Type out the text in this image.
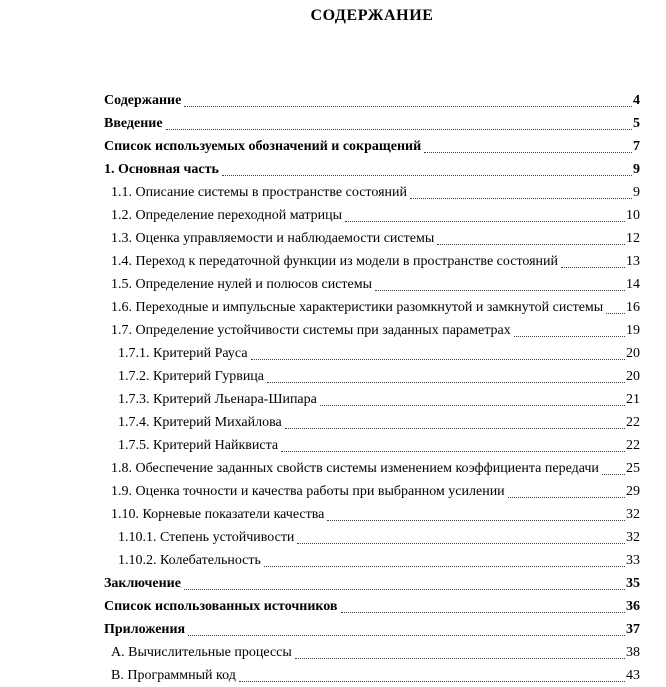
СОДЕРЖАНИЕ
Содержание	4
Введение	5
Список используемых обозначений и сокращений	7
1. Основная часть	9
1.1. Описание системы в пространстве состояний	9
1.2. Определение переходной матрицы	10
1.3. Оценка управляемости и наблюдаемости системы	12
1.4. Переход к передаточной функции из модели в пространстве состояний	13
1.5. Определение нулей и полюсов системы	14
1.6. Переходные и импульсные характеристики разомкнутой и замкнутой системы 16
1.7. Определение устойчивости системы при заданных параметрах	19
1.7.1. Критерий Рауса	20
1.7.2. Критерий Гурвица	20
1.7.3. Критерий Льенара-Шипара	21
1.7.4. Критерий Михайлова	22
1.7.5. Критерий Найквиста	22
1.8. Обеспечение заданных свойств системы изменением коэффициента передачи 25
1.9. Оценка точности и качества работы при выбранном усилении	29
1.10. Корневые показатели качества	32
1.10.1. Степень устойчивости	32
1.10.2. Колебательность	33
Заключение	35
Список использованных источников	36
Приложения	37
А. Вычислительные процессы	38
В. Программный код	43
